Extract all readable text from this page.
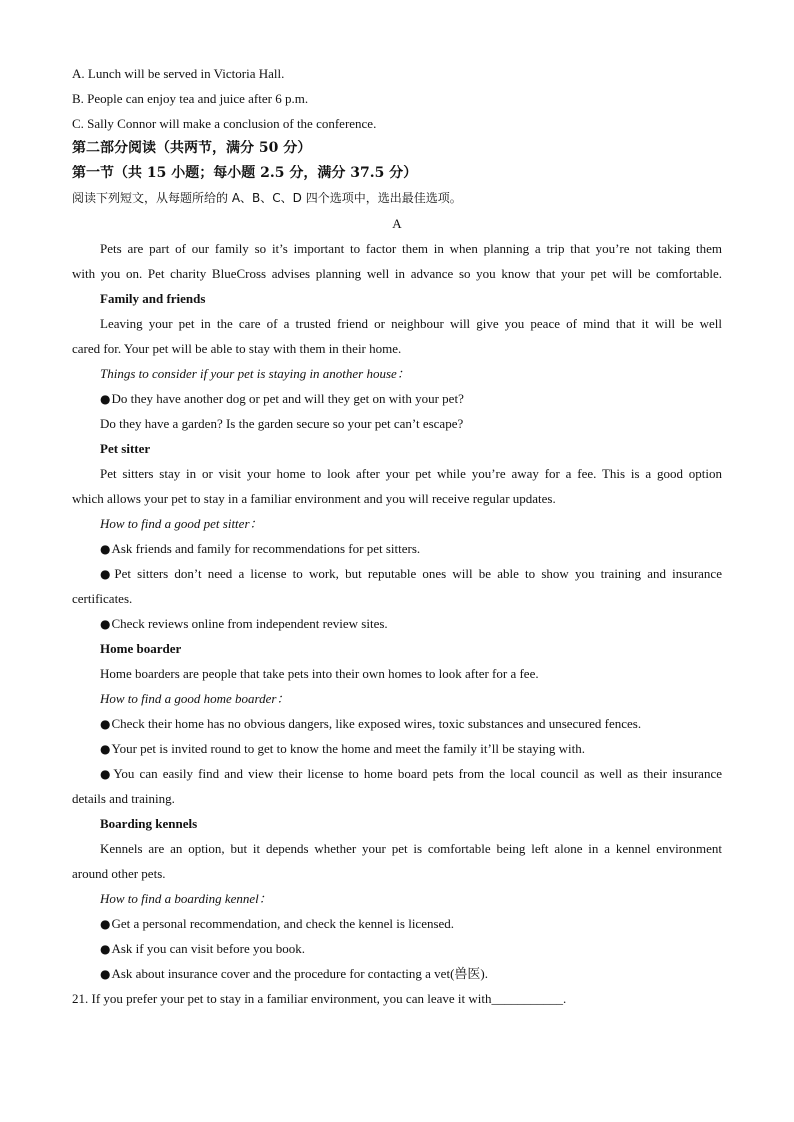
A. Lunch will be served in Victoria Hall.
B. People can enjoy tea and juice after 6 p.m.
C. Sally Connor will make a conclusion of the conference.
第二部分阅读（共两节，满分 50 分）
第一节（共 15 小题；每小题 2.5 分，满分 37.5 分）
阅读下列短文，从每题所给的 A、B、C、D 四个选项中，选出最佳选项。
A
Pets are part of our family so it’s important to factor them in when planning a trip that you’re not taking them
with you on. Pet charity BlueCross advises planning well in advance so you know that your pet will be comfortable.
Family and friends
Leaving your pet in the care of a trusted friend or neighbour will give you peace of mind that it will be well
cared for. Your pet will be able to stay with them in their home.
Things to consider if your pet is staying in another house：
●Do they have another dog or pet and will they get on with your pet?
Do they have a garden? Is the garden secure so your pet can’t escape?
Pet sitter
Pet sitters stay in or visit your home to look after your pet while you’re away for a fee. This is a good option
which allows your pet to stay in a familiar environment and you will receive regular updates.
How to find a good pet sitter：
●Ask friends and family for recommendations for pet sitters.
●Pet sitters don’t need a license to work, but reputable ones will be able to show you training and insurance
certificates.
●Check reviews online from independent review sites.
Home boarder
Home boarders are people that take pets into their own homes to look after for a fee.
How to find a good home boarder：
●Check their home has no obvious dangers, like exposed wires, toxic substances and unsecured fences.
●Your pet is invited round to get to know the home and meet the family it’ll be staying with.
●You can easily find and view their license to home board pets from the local council as well as their insurance
details and training.
Boarding kennels
Kennels are an option, but it depends whether your pet is comfortable being left alone in a kennel environment
around other pets.
How to find a boarding kennel：
●Get a personal recommendation, and check the kennel is licensed.
●Ask if you can visit before you book.
●Ask about insurance cover and the procedure for contacting a vet(兽医).
21. If you prefer your pet to stay in a familiar environment, you can leave it with___________.
